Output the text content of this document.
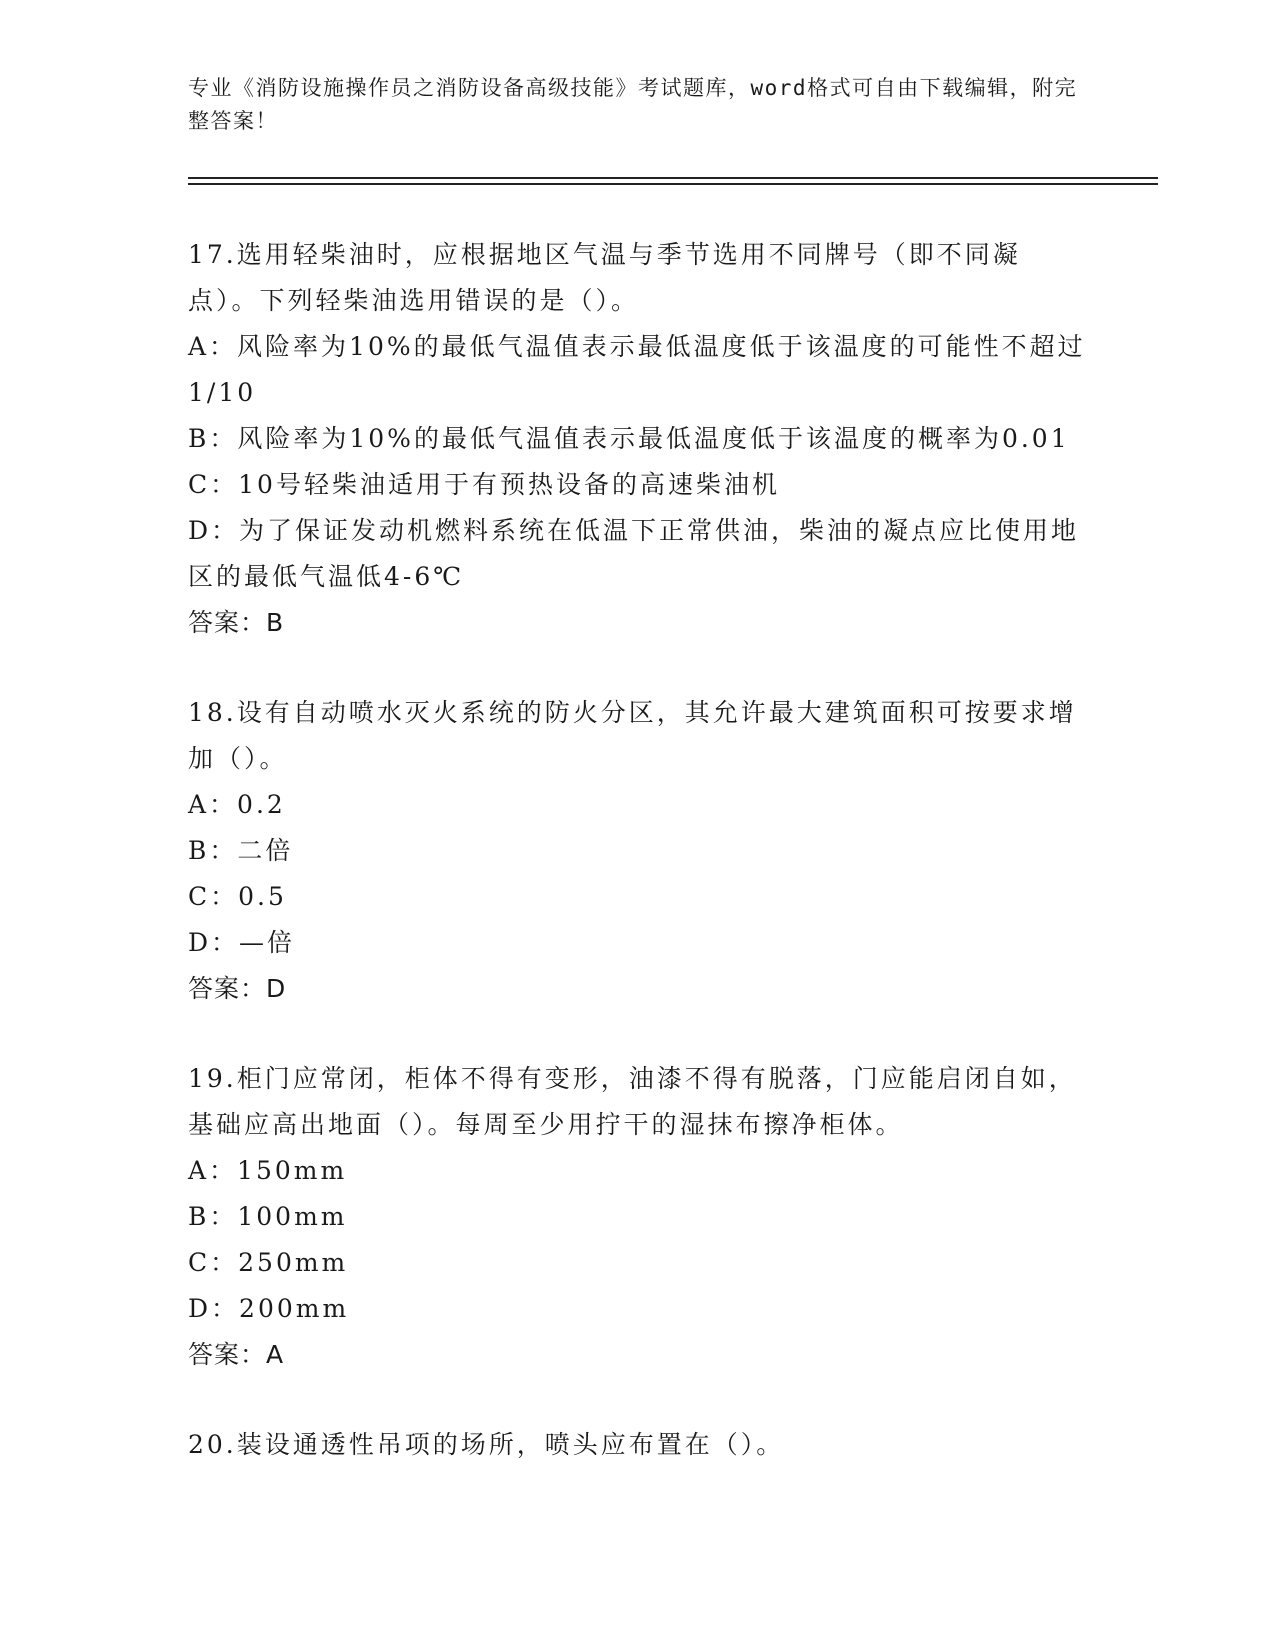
专业《消防设施操作员之消防设备高级技能》考试题库，word格式可自由下载编辑，附完整答案！

17.选用轻柴油时，应根据地区气温与季节选用不同牌号（即不同凝点）。下列轻柴油选用错误的是（）。

A：风险率为10%的最低气温值表示最低温度低于该温度的可能性不超过1/10

B：风险率为10%的最低气温值表示最低温度低于该温度的概率为0.01

C：10号轻柴油适用于有预热设备的高速柴油机

D：为了保证发动机燃料系统在低温下正常供油，柴油的凝点应比使用地区的最低气温低4-6℃

答案：B

18.设有自动喷水灭火系统的防火分区，其允许最大建筑面积可按要求增加（）。

A：0.2

B：二倍

C：0.5

D：—倍

答案：D

19.柜门应常闭，柜体不得有变形，油漆不得有脱落，门应能启闭自如，基础应高出地面（）。每周至少用拧干的湿抹布擦净柜体。

A：150mm

B：100mm

C：250mm

D：200mm

答案：A

20.装设通透性吊项的场所，喷头应布置在（）。
